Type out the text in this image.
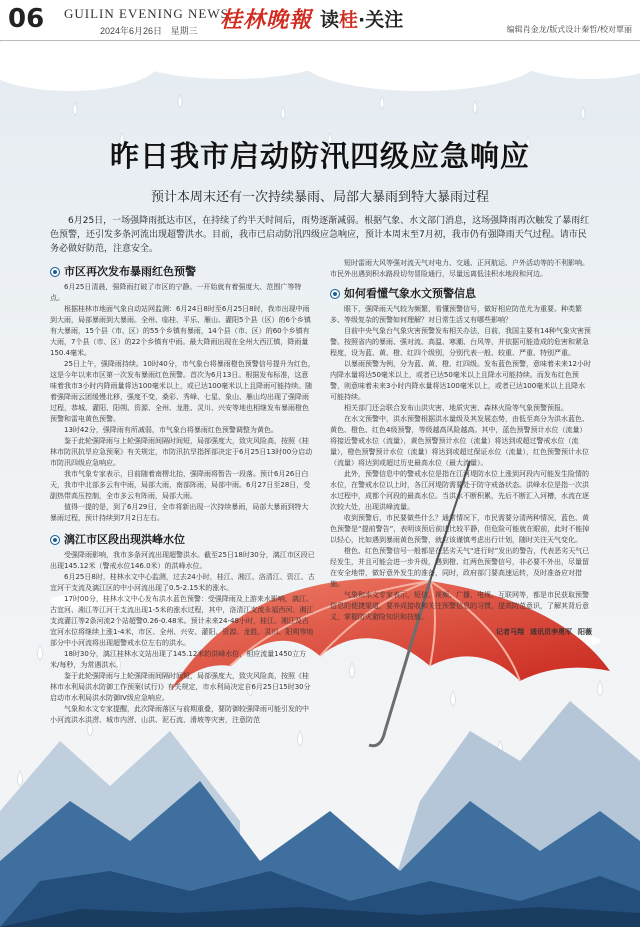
06 GUILIN EVENING NEWS
2024年6月26日 星期三 桂林晚報 读桂·关注	编辑肖金龙/版式设计秦哲/校对覃丽
昨日我市启动防汛四级应急响应
预计本周末还有一次持续暴雨、局部大暴雨到特大暴雨过程
6月25日，一场强降雨抵达市区，在持续了约半天时间后，雨势逐渐减弱。根据气象、水文部门消息，这场强降雨再次触发了暴雨红色预警，还引发多条河流出现超警洪水。目前，我市已启动防汛四级应急响应，预计本周末至7月初，我市仍有强降雨天气过程。请市民务必做好防范，注意安全。
市区再次发布暴雨红色预警

6月25日清晨，强降雨打破了市区的宁静。一开始就有着强度大、范围广等特点。

根据桂林市地面气象自动站网监测：6月24日8时至6月25日8时，我市出现中雨到大雨，局部暴雨到大暴雨。全州、临桂、平乐、雁山、灌阳5个县（区）的6个乡镇有大暴雨，15个县（市、区）的55个乡镇有暴雨，14个县（市、区）的60个乡镇有大雨，7个县（市、区）的22个乡镇有中雨。最大降雨出现在全州大西江镇，降雨量150.4毫米。

25日上午，强降雨持续。10时40分，市气象台将暴雨橙色预警信号提升为红色，这是今年以来市区第一次发布暴雨红色预警。首次为6月13日。根据发布标准，这意味着我市3小时内降雨量将达100毫米以上，或已达100毫米以上且降雨可能持续。随着强降雨云团缓慢北移，强度不变，桑彩、秀峰、七星、象山、雁山均出现了强降雨过程，恭城、灌阳、阳朔、资源、全州、龙胜、灵川、兴安等地也相继发布暴雨橙色预警和雷电黄色预警。

13时42分，强降雨有所减弱，市气象台将暴雨红色预警调整为黄色。

鉴于此轮强降雨与上轮强降雨间隔时间短，局部强度大，致灾风险高，按照《桂林市防汛抗旱应急预案》有关规定，市防汛抗旱指挥部决定于6月25日13时00分启动市防汛四级应急响应。

我市气象专家表示，目前随着南楞北抬，强降雨将暂告一段落。预计6月26日白天，我市中北部多云有中雨，局部大雨，南部阵雨，局部中雨。6月27日至28日，受副热带高压控制，全市多云有阵雨，局部大雨。

值得一提的是，到了6月29日，全市将新出现一次持续暴雨，局部大暴雨到特大暴雨过程，预计持续到7月2日左右。

漓江市区段出现洪峰水位

受强降雨影响，我市多条河流出现超警洪水。截至25日18时30分，漓江市区段已出现145.12米（警戒水位146.0米）的洪峰水位。

6月25日8时，桂林水文中心监测，过去24小时，桂江、湘江、洛清江、资江、古宜河干支流及漓江区的中小河流出现了0.5-2.15米的涨水。

17时00分，桂林水文中心发布洪水蓝色预警：受强降雨及上游来水影响，漓江、古宜河、湘江等江河干支流出现1-5米的涨水过程，其中，洛清江支流永福西河、湘江支流灌江等2条河流2个站超警0.26-0.48米。预计未来24-48小时，桂江、湘江及古宜河水位将继续上涨1-4米，市区、全州、兴安、灌阳、资源、龙胜、灵川、阳朔等地部分中小河流将出现超警戒水位左右的洪水。

18时30分，漓江桂林水文站出现了145.12米的洪峰水位，相应流量1450立方米/每秒，为常遇洪水。

鉴于此轮强降雨与上轮强降雨间隔时间短，局部强度大，致灾风险高，按照《桂林市水利局洪水防御工作预案(试行)》有关规定，市水利局决定自6月25日15时30分启动市水利局洪水防御IV级应急响应。

气象和水文专家提醒，此次降雨落区与前期重叠，要防御较强降雨可能引发的中小河流洪水洪涝、城市内涝、山洪、泥石流、滑坡等灾害，注意防范

短时雷雨大风等强对流天气对电力、交通、正河航运、户外活动等的不利影响。市民外出遇到积水路段切勿冒险通行，尽量远离低洼积水地段和河边。

如何看懂气象水文预警信息

眼下，强降雨天气较为频繁，看懂预警信号，做好相应防范尤为重要。种类繁多、等级复杂的预警如何理解？对日常生活又有哪些影响？

目前中央气象台气象灾害预警发布相关办法，目前，我国主要有14种气象灾害预警。按照省内的暴雨、强对流、高温、寒潮、台风等，并依据可能造成的危害和紧急程度，设为蓝、黄、橙、红四个级别，分别代表一般、较重、严重、特别严重。

以暴雨预警为例，分为蓝、黄、橙、红四级。发布蓝色预警，意味着未来12小时内降水量将达50毫米以上，或者已达50毫米以上且降水可能持续。而发布红色预警，则意味着未来3小时内降水量将达100毫米以上，或者已达100毫米以上且降水可能持续。

相关部门还会联合发布山洪灾害、地质灾害、森林火险等气象预警预报。

在水文预警中，洪水预警根据洪水量级及其发展态势，由低至高分为洪水蓝色、黄色、橙色、红色4级预警，等级越高风险越高。其中，蓝色预警预计水位（流量）将接近警戒水位（流量），黄色预警预计水位（流量）将达到或超过警戒水位（流量），橙色预警预计水位（流量）将达到或超过保证水位（流量），红色预警预计水位（流量）将达到或超过历史最高水位（最大流量）。

此外，预警信息中的警戒水位是指在江河堤防水位上涨到河段内可能发生险情的水位，在警戒水位以上时，各江河堤防需要处于防守戒备状态。洪峰水位是指一次洪水过程中，成都个河段的最高水位。当洪水不断积累，先后不断汇入河槽，水流在逐次较大处，出现洪峰流量。

收到预警后，市民要做些什么？通常情况下，市民需要分清两种情况，蓝色、黄色预警是“提前警告”，表明该预后前述比较平静，但危险可能就在眼前，此时不能掉以轻心，比如遇到暴雨黄色预警，就应该谨慎考虑出行计划，随时关注天气变化。

橙色、红色预警信号一般都是在恶劣天气“进行时”发出的警告，代表恶劣天气已经发生，并且可能会进一步升级，遇到橙、红两色预警信号，非必要不外出，尽量留在安全地带，做好意外发生的准备，同时，政府部门要高速运转，及时准备应对措施。

气象和水文专家表示，短信、视频、广播、电视、互联网等，都是市民获取预警信息的便捷渠道，要养成接收和关注预警信息的习惯，提高防范意识，了解其背后意义，掌握防灾避险知识和技能。

记者马翔 通讯员李勇军 阳薇
